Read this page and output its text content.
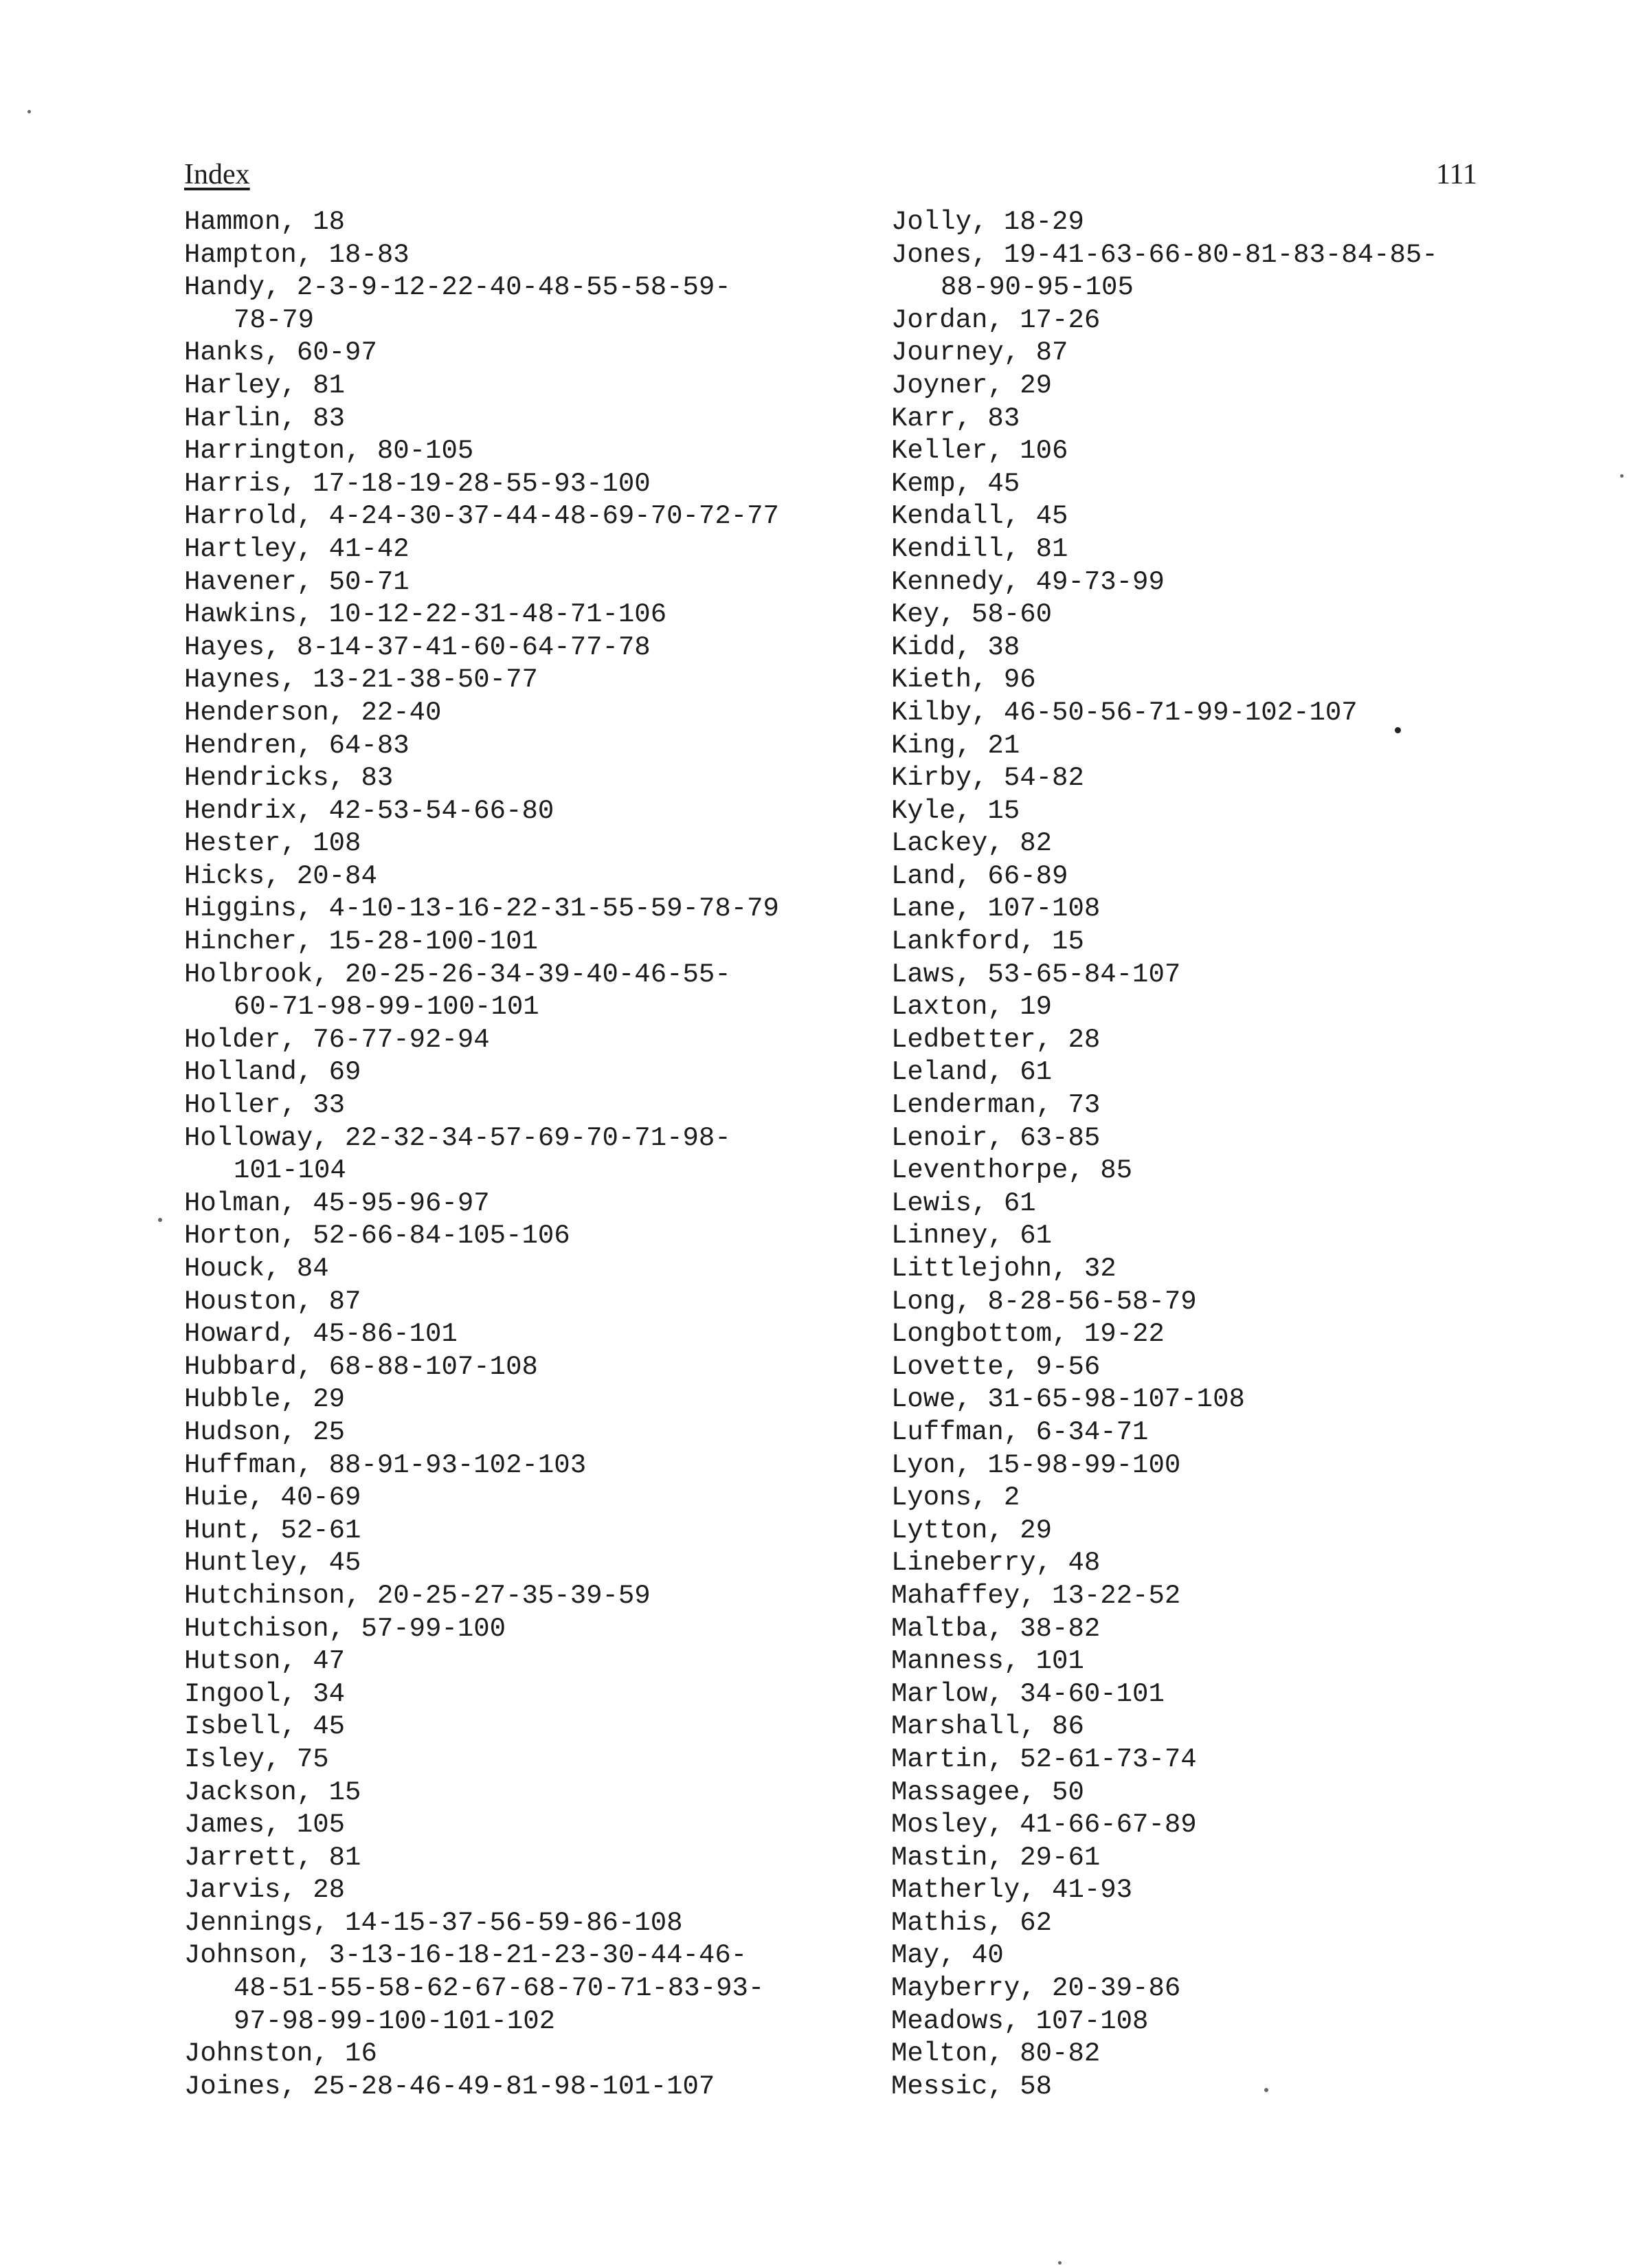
Index	111
Hammon, 18
Hampton, 18-83
Handy, 2-3-9-12-22-40-48-55-58-59-
78-79
Hanks, 60-97
Harley, 81
Harlin, 83
Harrington, 80-105
Harris, 17-18-19-28-55-93-100
Harrold, 4-24-30-37-44-48-69-70-72-77
Hartley, 41-42
Havener, 50-71
Hawkins, 10-12-22-31-48-71-106
Hayes, 8-14-37-41-60-64-77-78
Haynes, 13-21-38-50-77
Henderson, 22-40
Hendren, 64-83
Hendricks, 83
Hendrix, 42-53-54-66-80
Hester, 108
Hicks, 20-84
Higgins, 4-10-13-16-22-31-55-59-78-79
Hincher, 15-28-100-101
Holbrook, 20-25-26-34-39-40-46-55-
60-71-98-99-100-101
Holder, 76-77-92-94
Holland, 69
Holler, 33
Holloway, 22-32-34-57-69-70-71-98-
101-104
Holman, 45-95-96-97
Horton, 52-66-84-105-106
Houck, 84
Houston, 87
Howard, 45-86-101
Hubbard, 68-88-107-108
Hubble, 29
Hudson, 25
Huffman, 88-91-93-102-103
Huie, 40-69
Hunt, 52-61
Huntley, 45
Hutchinson, 20-25-27-35-39-59
Hutchison, 57-99-100
Hutson, 47
Ingool, 34
Isbell, 45
Isley, 75
Jackson, 15
James, 105
Jarrett, 81
Jarvis, 28
Jennings, 14-15-37-56-59-86-108
Johnson, 3-13-16-18-21-23-30-44-46-
48-51-55-58-62-67-68-70-71-83-93-
97-98-99-100-101-102
Johnston, 16
Joines, 25-28-46-49-81-98-101-107
Jolly, 18-29
Jones, 19-41-63-66-80-81-83-84-85-
88-90-95-105
Jordan, 17-26
Journey, 87
Joyner, 29
Karr, 83
Keller, 106
Kemp, 45
Kendall, 45
Kendill, 81
Kennedy, 49-73-99
Key, 58-60
Kidd, 38
Kieth, 96
Kilby, 46-50-56-71-99-102-107
King, 21
Kirby, 54-82
Kyle, 15
Lackey, 82
Land, 66-89
Lane, 107-108
Lankford, 15
Laws, 53-65-84-107
Laxton, 19
Ledbetter, 28
Leland, 61
Lenderman, 73
Lenoir, 63-85
Leventhorpe, 85
Lewis, 61
Linney, 61
Littlejohn, 32
Long, 8-28-56-58-79
Longbottom, 19-22
Lovette, 9-56
Lowe, 31-65-98-107-108
Luffman, 6-34-71
Lyon, 15-98-99-100
Lyons, 2
Lytton, 29
Lineberry, 48
Mahaffey, 13-22-52
Maltba, 38-82
Manness, 101
Marlow, 34-60-101
Marshall, 86
Martin, 52-61-73-74
Massagee, 50
Mosley, 41-66-67-89
Mastin, 29-61
Matherly, 41-93
Mathis, 62
May, 40
Mayberry, 20-39-86
Meadows, 107-108
Melton, 80-82
Messic, 58
